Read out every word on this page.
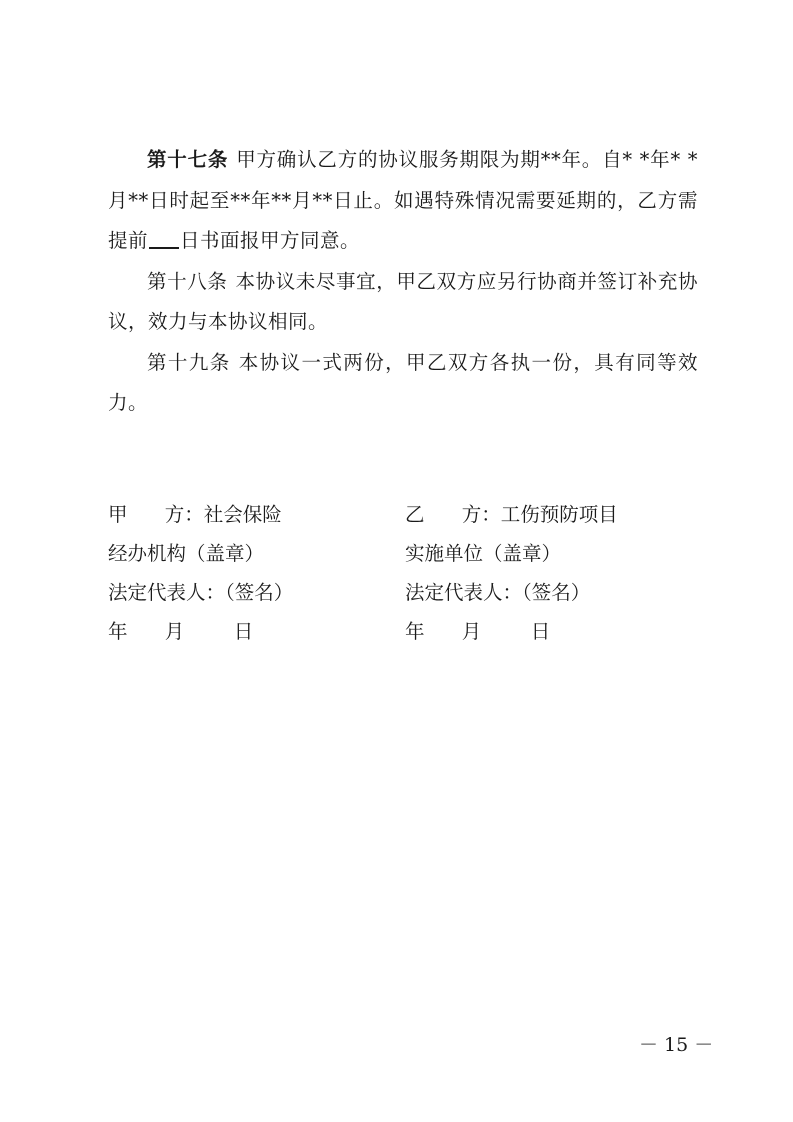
第十七条 甲方确认乙方的协议服务期限为期**年。自* *年* *月**日时起至**年**月**日止。如遇特殊情况需要延期的，乙方需提前 日书面报甲方同意。

第十八条 本协议未尽事宜，甲乙双方应另行协商并签订补充协议，效力与本协议相同。

第十九条 本协议一式两份，甲乙双方各执一份，具有同等效力。

甲      方：社会保险	乙      方：工伤预防项目
经办机构（盖章）	实施单位（盖章）
法定代表人：（签名）	法定代表人：（签名）
年      月        日	年      月        日
－ 15 －
